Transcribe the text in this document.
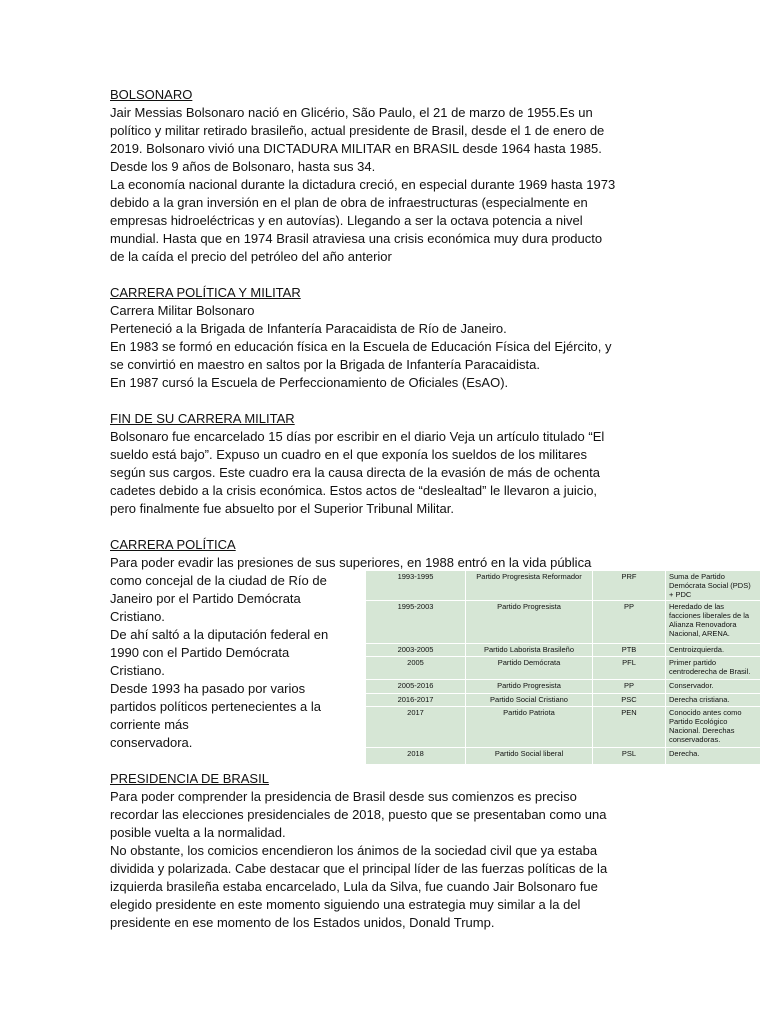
BOLSONARO

Jair Messias Bolsonaro nació en Glicério, São Paulo, el 21 de marzo de 1955.Es un

político y militar retirado brasileño, actual presidente de Brasil, desde el 1 de enero de

2019. Bolsonaro vivió una DICTADURA MILITAR en BRASIL desde 1964 hasta 1985.

Desde los 9 años de Bolsonaro, hasta sus 34.

La economía nacional durante la dictadura creció, en especial durante 1969 hasta 1973

debido a la gran inversión en el plan de obra de infraestructuras (especialmente en

empresas hidroeléctricas y en autovías). Llegando a ser la octava potencia a nivel

mundial. Hasta que en 1974 Brasil atraviesa una crisis económica muy dura producto

de la caída el precio del petróleo del año anterior

CARRERA POLÍTICA Y MILITAR

Carrera Militar Bolsonaro

Perteneció a la Brigada de Infantería Paracaidista de Río de Janeiro.

En 1983 se formó en educación física en la Escuela de Educación Física del Ejército, y

se convirtió en maestro en saltos por la Brigada de Infantería Paracaidista.

En 1987 cursó la Escuela de Perfeccionamiento de Oficiales (EsAO).

FIN DE SU CARRERA MILITAR

Bolsonaro fue encarcelado 15 días por escribir en el diario Veja un artículo titulado “El

sueldo está bajo”. Expuso un cuadro en el que exponía los sueldos de los militares

según sus cargos. Este cuadro era la causa directa de la evasión de más de ochenta

cadetes debido a la crisis económica. Estos actos de “deslealtad” le llevaron a juicio,

pero finalmente fue absuelto por el Superior Tribunal Militar.

CARRERA POLÍTICA

Para poder evadir las presiones de sus superiores, en 1988 entró en la vida pública

como concejal de la ciudad de Río de

Janeiro por el Partido Demócrata

Cristiano.

De ahí saltó a la diputación federal en

1990 con el Partido Demócrata

Cristiano.

Desde 1993 ha pasado por varios

partidos políticos pertenecientes a la

corriente más

conservadora.

PRESIDENCIA DE BRASIL

Para poder comprender la presidencia de Brasil desde sus comienzos es preciso

recordar las elecciones presidenciales de 2018, puesto que se presentaban como una

posible vuelta a la normalidad.

No obstante, los comicios encendieron los ánimos de la sociedad civil que ya estaba

dividida y polarizada. Cabe destacar que el principal líder de las fuerzas políticas de la

izquierda brasileña estaba encarcelado, Lula da Silva, fue cuando Jair Bolsonaro fue

elegido presidente en este momento siguiendo una estrategia muy similar a la del

presidente en ese momento de los Estados unidos, Donald Trump.

1993-1995	Partido Progresista Reformador	PRF	Suma de Partido Demócrata Social (PDS) + PDC
1995-2003	Partido Progresista	PP	Heredado de las facciones liberales de la Alianza Renovadora Nacional, ARENA.
2003-2005	Partido Laborista Brasileño	PTB	Centroizquierda.
2005	Partido Demócrata	PFL	Primer partido centroderecha de Brasil.
2005-2016	Partido Progresista	PP	Conservador.
2016-2017	Partido Social Cristiano	PSC	Derecha cristiana.
2017	Partido Patriota	PEN	Conocido antes como Partido Ecológico Nacional. Derechas conservadoras.
2018	Partido Social liberal	PSL	Derecha.
